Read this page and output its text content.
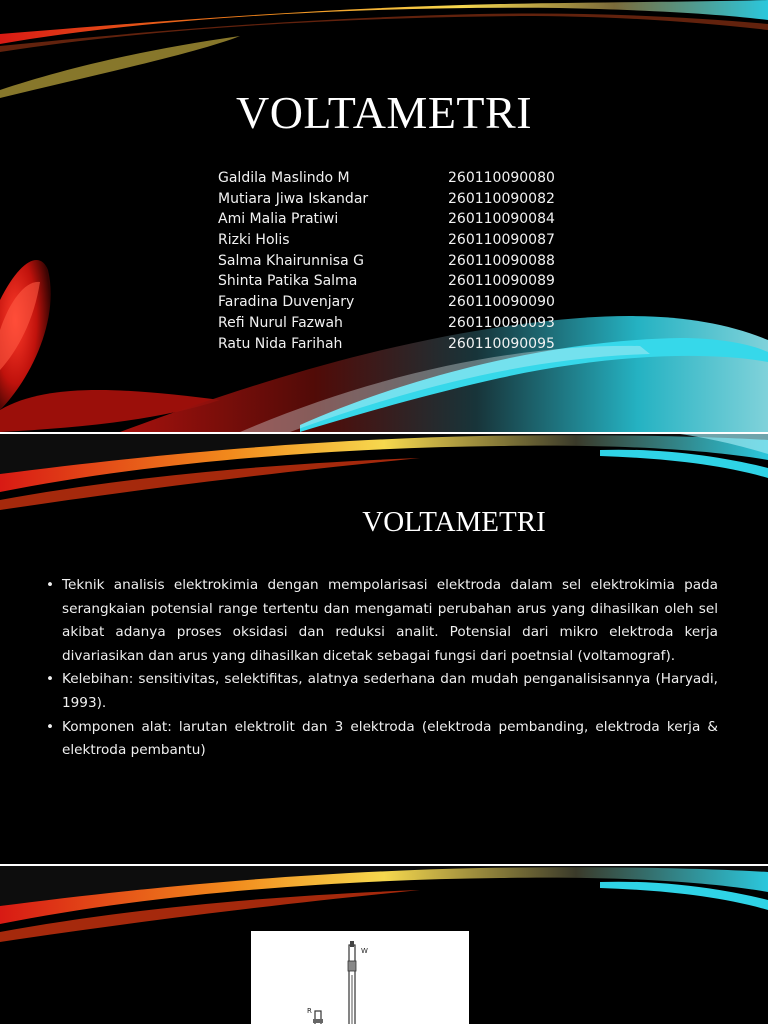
VOLTAMETRI
Galdila Maslindo M	260110090080
Mutiara Jiwa Iskandar	260110090082
Ami Malia Pratiwi	260110090084
Rizki Holis	260110090087
Salma Khairunnisa G	260110090088
Shinta Patika Salma	260110090089
Faradina Duvenjary	260110090090
Refi Nurul Fazwah	260110090093
Ratu Nida Farihah	260110090095
VOLTAMETRI
• Teknik analisis elektrokimia dengan mempolarisasi elektroda dalam sel elektrokimia pada serangkaian potensial range tertentu dan mengamati perubahan arus yang dihasilkan oleh sel akibat adanya proses oksidasi dan reduksi analit. Potensial dari mikro elektroda kerja divariasikan dan arus yang dihasilkan dicetak sebagai fungsi dari poetnsial (voltamograf).
• Kelebihan: sensitivitas, selektifitas, alatnya sederhana dan mudah penganalisisannya (Haryadi, 1993).
• Komponen alat: larutan elektrolit dan 3 elektroda (elektroda pembanding, elektroda kerja & elektroda pembantu)
W
R
